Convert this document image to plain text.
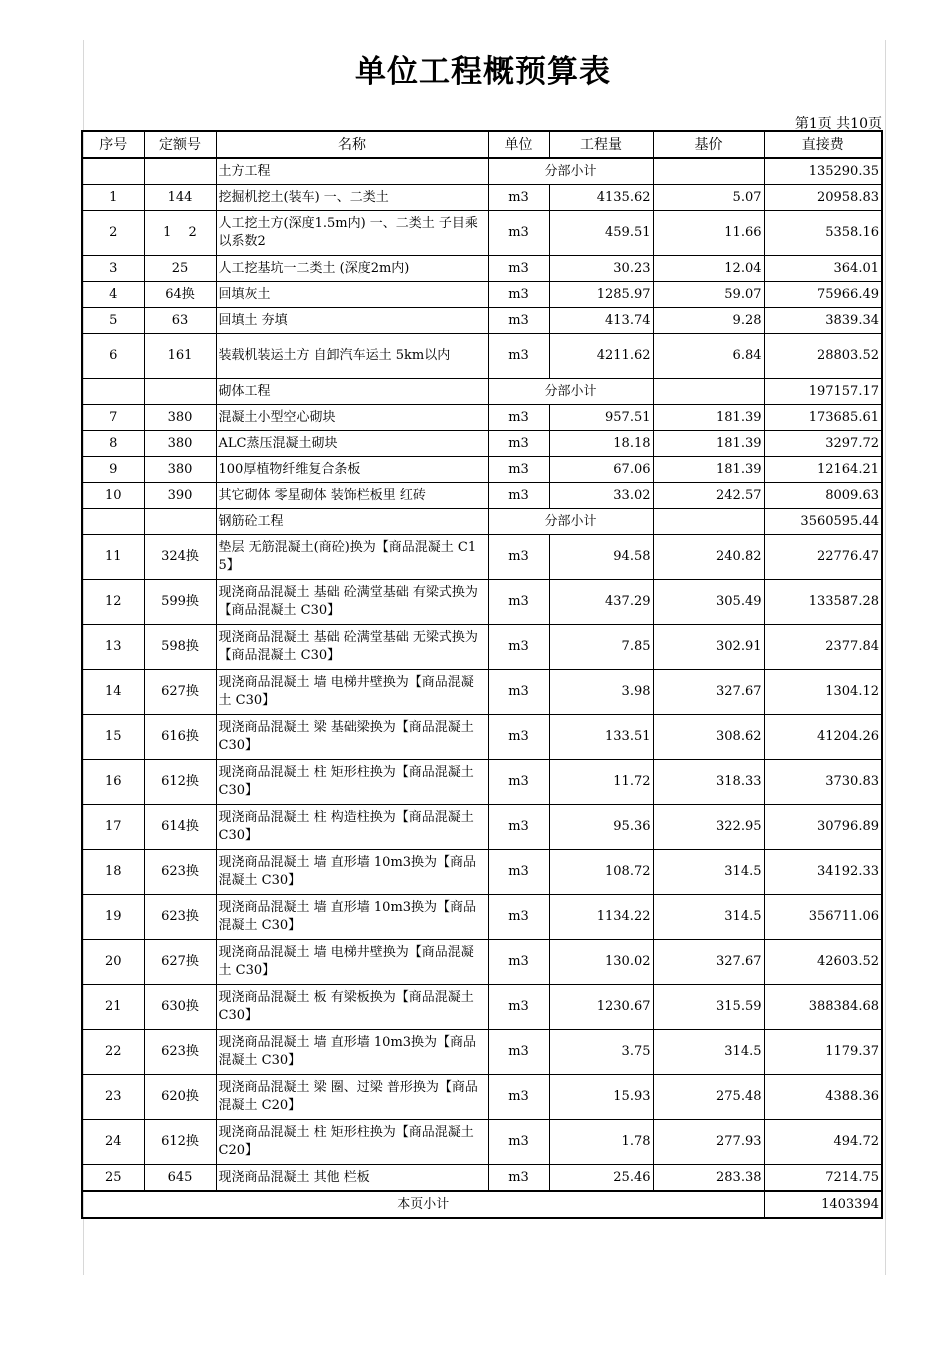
单位工程概预算表
第1页 共10页
序号	定额号	名称	单位	工程量	基价	直接费
		土方工程	分部小计			135290.35
1	144	挖掘机挖土(装车) 一、二类土	m3	4135.62	5.07	20958.83
2	1　 2	人工挖土方(深度1.5m内) 一、二类土 子目乘以系数2	m3	459.51	11.66	5358.16
3	25	人工挖基坑一二类土 (深度2m内)	m3	30.23	12.04	364.01
4	64换	回填灰土	m3	1285.97	59.07	75966.49
5	63	回填土 夯填	m3	413.74	9.28	3839.34
6	161	装载机装运土方 自卸汽车运土 5km以内	m3	4211.62	6.84	28803.52
		砌体工程	分部小计			197157.17
7	380	混凝土小型空心砌块	m3	957.51	181.39	173685.61
8	380	ALC蒸压混凝土砌块	m3	18.18	181.39	3297.72
9	380	100厚植物纤维复合条板	m3	67.06	181.39	12164.21
10	390	其它砌体 零星砌体 装饰栏板里 红砖	m3	33.02	242.57	8009.63
		钢筋砼工程	分部小计			3560595.44
11	324换	垫层 无筋混凝土(商砼)换为【商品混凝土 C15】	m3	94.58	240.82	22776.47
12	599换	现浇商品混凝土 基础 砼满堂基础 有梁式换为【商品混凝土 C30】	m3	437.29	305.49	133587.28
13	598换	现浇商品混凝土 基础 砼满堂基础 无梁式换为【商品混凝土 C30】	m3	7.85	302.91	2377.84
14	627换	现浇商品混凝土 墙 电梯井壁换为【商品混凝土 C30】	m3	3.98	327.67	1304.12
15	616换	现浇商品混凝土 梁 基础梁换为【商品混凝土 C30】	m3	133.51	308.62	41204.26
16	612换	现浇商品混凝土 柱 矩形柱换为【商品混凝土 C30】	m3	11.72	318.33	3730.83
17	614换	现浇商品混凝土 柱 构造柱换为【商品混凝土 C30】	m3	95.36	322.95	30796.89
18	623换	现浇商品混凝土 墙 直形墙 10m3换为【商品混凝土 C30】	m3	108.72	314.5	34192.33
19	623换	现浇商品混凝土 墙 直形墙 10m3换为【商品混凝土 C30】	m3	1134.22	314.5	356711.06
20	627换	现浇商品混凝土 墙 电梯井壁换为【商品混凝土 C30】	m3	130.02	327.67	42603.52
21	630换	现浇商品混凝土 板 有梁板换为【商品混凝土 C30】	m3	1230.67	315.59	388384.68
22	623换	现浇商品混凝土 墙 直形墙 10m3换为【商品混凝土 C30】	m3	3.75	314.5	1179.37
23	620换	现浇商品混凝土 梁 圈、过梁 普形换为【商品混凝土 C20】	m3	15.93	275.48	4388.36
24	612换	现浇商品混凝土 柱 矩形柱换为【商品混凝土 C20】	m3	1.78	277.93	494.72
25	645	现浇商品混凝土 其他 栏板	m3	25.46	283.38	7214.75
本页小计						1403394
